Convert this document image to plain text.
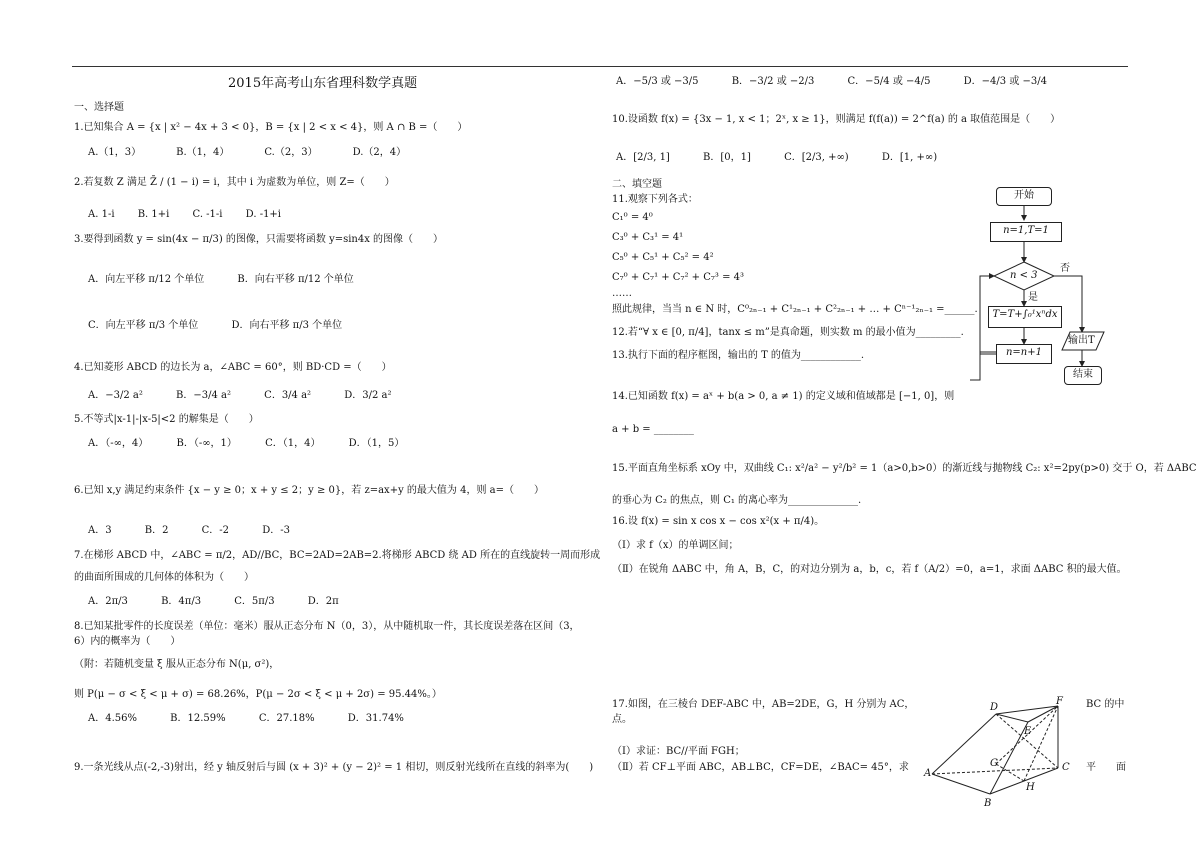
2015年高考山东省理科数学真题
一、选择题
1.已知集合 A = {x | x² − 4x + 3 < 0}，B = {x | 2 < x < 4}，则 A ∩ B =（　　）
A.（1，3）　　　　B.（1，4）　　　　C.（2，3）　　　　D.（2，4）
2.若复数 Z 满足 Z̄ / (1 − i) = i，其中 i 为虚数为单位，则 Z=（　　）
A. 1-i　　 B. 1+i　　 C. -1-i　　 D. -1+i
3.要得到函数 y = sin(4x − π/3) 的图像，只需要将函数 y=sin4x 的图像（　　）
A．向左平移 π/12 个单位　　　 B．向右平移 π/12 个单位
C．向左平移 π/3 个单位　　　 D．向右平移 π/3 个单位
4.已知菱形 ABCD 的边长为 a，∠ABC = 60°，则 BD·CD =（　　）
A．−3/2 a²　　　 B．−3/4 a²　　　 C．3/4 a²　　　 D．3/2 a²
5.不等式|x-1|-|x-5|<2 的解集是（　　）
A．（-∞，4）　　　 B．（-∞，1）　　　 C．（1，4）　　　 D．（1，5）
6.已知 x,y 满足约束条件 {x − y ≥ 0；x + y ≤ 2；y ≥ 0}，若 z=ax+y 的最大值为 4，则 a=（　　）
A．3　　　 B．2　　　 C．-2　　　 D．-3
7.在梯形 ABCD 中，∠ABC = π/2，AD//BC，BC=2AD=2AB=2.将梯形 ABCD 绕 AD 所在的直线旋转一周而形成
的曲面所围成的几何体的体积为（　　）
A．2π/3　　　 B．4π/3　　　 C．5π/3　　　 D．2π
8.已知某批零件的长度误差（单位：毫米）服从正态分布 N（0，3），从中随机取一件，其长度误差落在区间（3，
6）内的概率为（　　）
（附：若随机变量 ξ 服从正态分布 N(μ, σ²)，
则 P(μ − σ < ξ < μ + σ) = 68.26%，P(μ − 2σ < ξ < μ + 2σ) = 95.44%。）
A．4.56%　　　 B．12.59%　　　 C．27.18%　　　 D．31.74%
9.一条光线从点(-2,-3)射出，经 y 轴反射后与圆 (x + 3)² + (y − 2)² = 1 相切，则反射光线所在直线的斜率为(　　)
A．−5/3 或 −3/5　　　 B．−3/2 或 −2/3　　　 C．−5/4 或 −4/5　　　 D．−4/3 或 −3/4
10.设函数 f(x) = {3x − 1, x < 1；2ˣ, x ≥ 1}，则满足 f(f(a)) = 2^f(a) 的 a 取值范围是（　　）
A．[2/3, 1]　　　 B．[0，1]　　　 C．[2/3, +∞)　　　 D．[1, +∞)
二、填空题
11.观察下列各式：
C₁⁰ = 4⁰
C₃⁰ + C₃¹ = 4¹
C₅⁰ + C₅¹ + C₅² = 4²
C₇⁰ + C₇¹ + C₇² + C₇³ = 4³
……
照此规律，当当 n ∈ N 时，C⁰₂ₙ₋₁ + C¹₂ₙ₋₁ + C²₂ₙ₋₁ + … + Cⁿ⁻¹₂ₙ₋₁ =______.
12.若“∀ x ∈ [0, π/4]，tanx ≤ m”是真命题，则实数 m 的最小值为_________.
13.执行下面的程序框图，输出的 T 的值为____________.
14.已知函数 f(x) = aˣ + b(a > 0, a ≠ 1) 的定义域和值域都是 [−1, 0]，则
a + b = ________
15.平面直角坐标系 xOy 中，双曲线 C₁: x²/a² − y²/b² = 1（a>0,b>0）的渐近线与抛物线 C₂: x²=2py(p>0) 交于 O，若 ΔABC
的垂心为 C₂ 的焦点，则 C₁ 的离心率为______________.
16.设 f(x) = sin x cos x − cos x²(x + π/4)。
（Ⅰ）求 f（x）的单调区间；
（Ⅱ）在锐角 ΔABC 中，角 A，B，C，的对边分别为 a，b，c，若 f（A/2）=0，a=1，求面 ΔABC 积的最大值。
17.如图，在三棱台 DEF-ABC 中，AB=2DE，G，H 分别为 AC，
点。
BC 的中
（Ⅰ）求证：BC//平面 FGH；
（Ⅱ）若 CF⊥平面 ABC，AB⊥BC，CF=DE，∠BAC= 45°，求	平　　面
开始
n=1,T=1
n < 3
否
是
T=T+∫₀¹xⁿdx
n=n+1
输出T
结束
D
F
E
G
A
C
H
B
